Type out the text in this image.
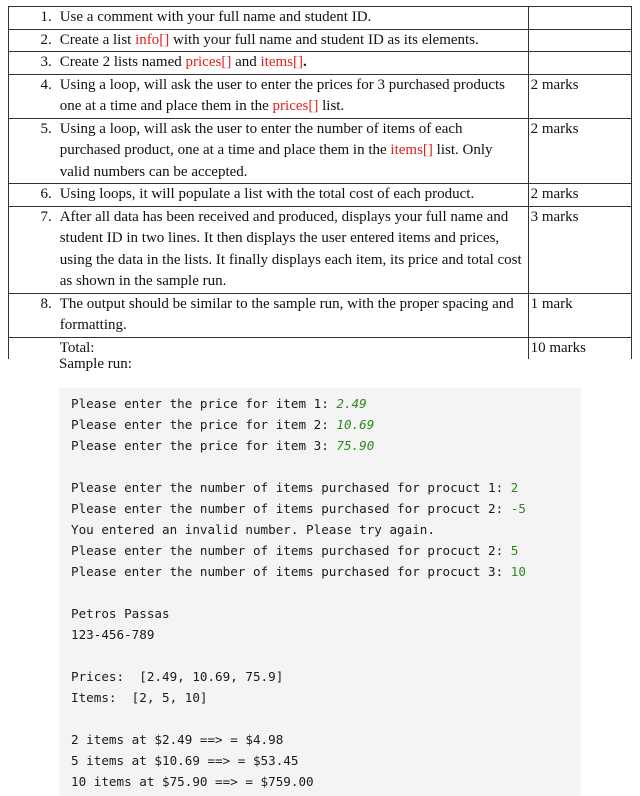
1.	Use a comment with your full name and student ID.	
2.	Create a list info[] with your full name and student ID as its elements.	
3.	Create 2 lists named prices[] and items[].	
4.	Using a loop, will ask the user to enter the prices for 3 purchased products one at a time and place them in the prices[] list.	2 marks
5.	Using a loop, will ask the user to enter the number of items of each purchased product, one at a time and place them in the items[] list. Only valid numbers can be accepted.	2 marks
6.	Using loops, it will populate a list with the total cost of each product.	2 marks
7.	After all data has been received and produced, displays your full name and student ID in two lines. It then displays the user entered items and prices, using the data in the lists. It finally displays each item, its price and total cost as shown in the sample run.	3 marks
8.	The output should be similar to the sample run, with the proper spacing and formatting.	1 mark
	Total:	10 marks
Sample run:
Please enter the price for item 1: 2.49
Please enter the price for item 2: 10.69
Please enter the price for item 3: 75.90
Please enter the number of items purchased for procuct 1: 2
Please enter the number of items purchased for procuct 2: -5
You entered an invalid number. Please try again.
Please enter the number of items purchased for procuct 2: 5
Please enter the number of items purchased for procuct 3: 10
Petros Passas
123-456-789
Prices:  [2.49, 10.69, 75.9]
Items:  [2, 5, 10]
2 items at $2.49 ==> = $4.98
5 items at $10.69 ==> = $53.45
10 items at $75.90 ==> = $759.00
